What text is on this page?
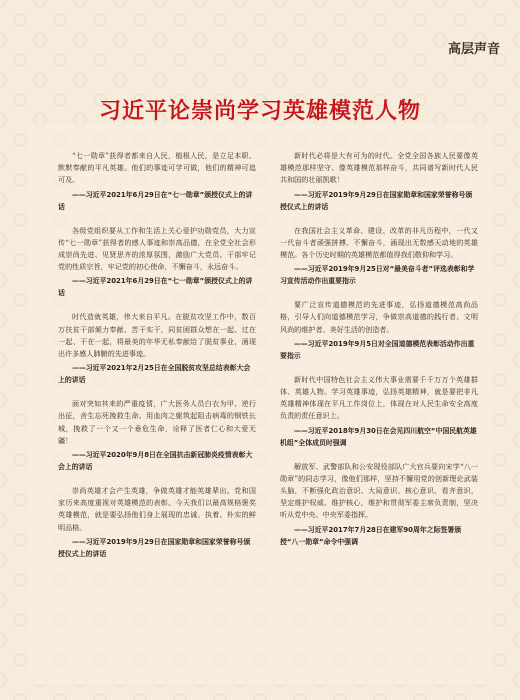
高层声音
习近平论崇尚学习英雄模范人物

“七一勋章”获得者都来自人民，植根人民，是立足本职、默默奉献的平凡英雄。他们的事迹可学可做，他们的精神可追可及。

——习近平2021年6月29日在“七一勋章”颁授仪式上的讲话

各级党组织要从工作和生活上关心爱护功勋党员，大力宣传“七一勋章”获得者的感人事迹和崇高品德，在全党全社会形成崇尚先进、见贤思齐的浓厚氛围，激励广大党员、干部牢记党的性质宗旨，牢记党的初心使命，不懈奋斗，永远奋斗。

——习近平2021年6月29日在“七一勋章”颁授仪式上的讲话

时代造就英雄，伟大来自平凡。在脱贫攻坚工作中，数百万扶贫干部倾力奉献、苦干实干，同贫困群众想在一起、过在一起、干在一起，将最美的年华无私奉献给了脱贫事业，涌现出许多感人肺腑的先进事迹。

——习近平2021年2月25日在全国脱贫攻坚总结表彰大会上的讲话

面对突如其来的严重疫情，广大医务人员白衣为甲、逆行出征，舍生忘死挽救生命。用血肉之躯筑起阻击病毒的钢铁长城，挽救了一个又一个垂危生命，诠释了医者仁心和大爱无疆！

——习近平2020年9月8日在全国抗击新冠肺炎疫情表彰大会上的讲话

崇尚英雄才会产生英雄，争做英雄才能英雄辈出。党和国家历来高度重视对英雄模范的表彰。今天我们以最高规格褒奖英雄模范，就是要弘扬他们身上展现的忠诚、执着、朴实的鲜明品格。

——习近平2019年9月29日在国家勋章和国家荣誉称号颁授仪式上的讲话

新时代必将是大有可为的时代。全党全国各族人民要像英雄模范那样坚守、像英雄模范那样奋斗，共同谱写新时代人民共和国的壮丽凯歌！

——习近平2019年9月29日在国家勋章和国家荣誉称号颁授仪式上的讲话

在我国社会主义革命、建设、改革的非凡历程中，一代又一代奋斗者顽强拼搏、不懈奋斗，涌现出无数感天动地的英雄模范。各个历史时期的英雄模范都值得我们敬仰和学习。

——习近平2019年9月25日对“最美奋斗者”评选表彰和学习宣传活动作出重要指示

要广泛宣传道德模范的先进事迹，弘扬道德模范高尚品格，引导人们向道德模范学习，争做崇高道德的践行者、文明风尚的维护者、美好生活的创造者。

——习近平2019年9月5日对全国道德模范表彰活动作出重要指示

新时代中国特色社会主义伟大事业需要千千万万个英雄群体、英雄人物。学习英雄事迹，弘扬英雄精神，就是要把非凡英雄精神体现在平凡工作岗位上，体现在对人民生命安全高度负责的责任意识上。

——习近平2018年9月30日在会见四川航空“中国民航英雄机组”全体成员时强调

解放军、武警部队和公安现役部队广大官兵要向宋学“八一勋章”的同志学习，像他们那样，坚持不懈用党的创新理论武装头脑，不断强化政治意识、大局意识、核心意识、看齐意识，坚定维护权威、维护核心，维护和贯彻军委主席负责制，坚决听从党中央、中央军委指挥。

——习近平2017年7月28日在建军90周年之际签署颁授“八一勋章”命令中强调
